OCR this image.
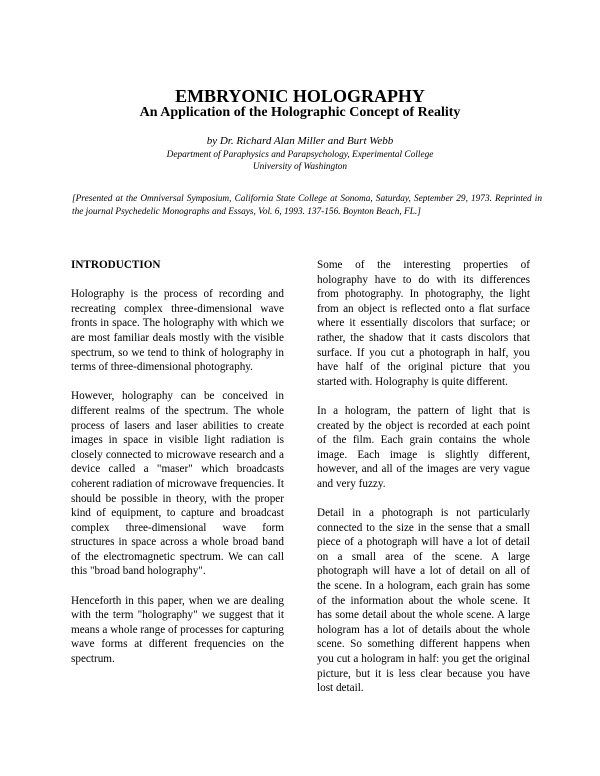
EMBRYONIC HOLOGRAPHY
An Application of the Holographic Concept of Reality
by Dr. Richard Alan Miller and Burt Webb
Department of Paraphysics and Parapsychology, Experimental College
University of Washington
[Presented at the Omniversal Symposium, California State College at Sonoma, Saturday, September 29, 1973. Reprinted in the journal Psychedelic Monographs and Essays, Vol. 6, 1993. 137-156. Boynton Beach, FL.]
INTRODUCTION

Holography is the process of recording and recreating complex three-dimensional wave fronts in space. The holography with which we are most familiar deals mostly with the visible spectrum, so we tend to think of holography in terms of three-dimensional photography.

However, holography can be conceived in different realms of the spectrum. The whole process of lasers and laser abilities to create images in space in visible light radiation is closely connected to microwave research and a device called a "maser" which broadcasts coherent radiation of microwave frequencies. It should be possible in theory, with the proper kind of equipment, to capture and broadcast complex three-dimensional wave form structures in space across a whole broad band of the electromagnetic spectrum. We can call this "broad band holography".

Henceforth in this paper, when we are dealing with the term "holography" we suggest that it means a whole range of processes for capturing wave forms at different frequencies on the spectrum.

Some of the interesting properties of holography have to do with its differences from photography. In photography, the light from an object is reflected onto a flat surface where it essentially discolors that surface; or rather, the shadow that it casts discolors that surface. If you cut a photograph in half, you have half of the original picture that you started with. Holography is quite different.

In a hologram, the pattern of light that is created by the object is recorded at each point of the film. Each grain contains the whole image. Each image is slightly different, however, and all of the images are very vague and very fuzzy.

Detail in a photograph is not particularly connected to the size in the sense that a small piece of a photograph will have a lot of detail on a small area of the scene. A large photograph will have a lot of detail on all of the scene. In a hologram, each grain has some of the information about the whole scene. It has some detail about the whole scene. A large hologram has a lot of details about the whole scene. So something different happens when you cut a hologram in half: you get the original picture, but it is less clear because you have lost detail.
